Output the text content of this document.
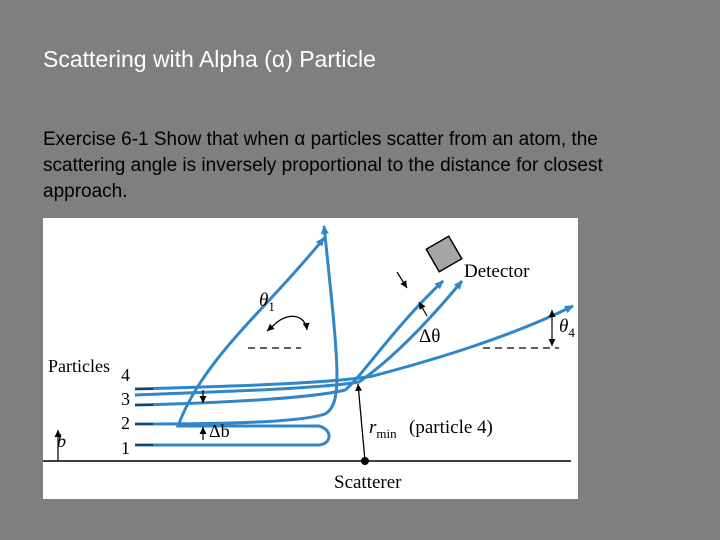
Scattering with Alpha (α) Particle
Exercise 6-1 Show that when α particles scatter from an atom, the scattering angle is inversely proportional to the distance for closest approach.
Particles 4
3
2
1
b	Δb
$\theta_1$
Δθ	$\theta_4$
Detector
$r_{min}$ (particle 4)
Scatterer
